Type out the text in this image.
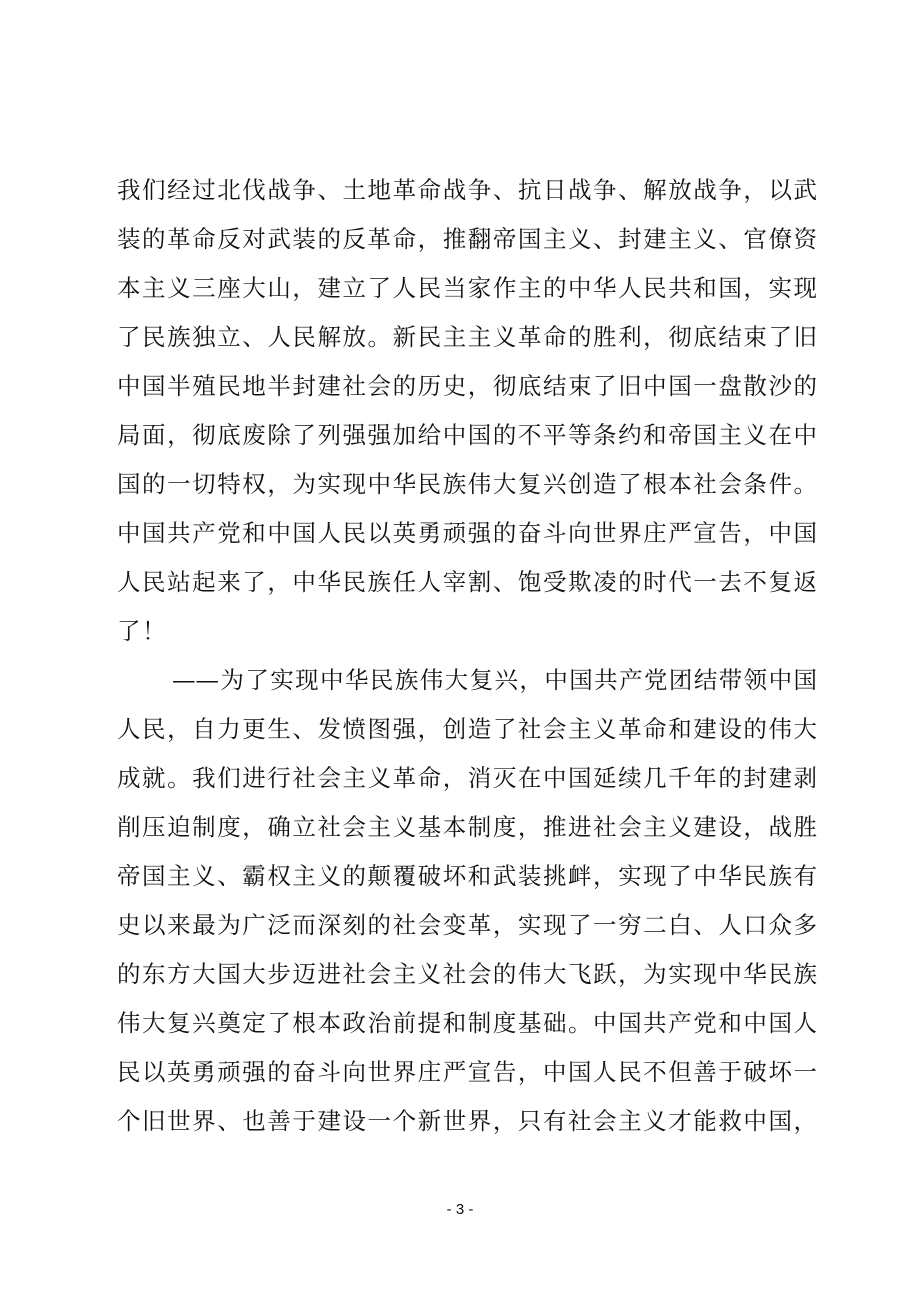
我们经过北伐战争、土地革命战争、抗日战争、解放战争，以武
装的革命反对武装的反革命，推翻帝国主义、封建主义、官僚资
本主义三座大山，建立了人民当家作主的中华人民共和国，实现
了民族独立、人民解放。新民主主义革命的胜利，彻底结束了旧
中国半殖民地半封建社会的历史，彻底结束了旧中国一盘散沙的
局面，彻底废除了列强强加给中国的不平等条约和帝国主义在中
国的一切特权，为实现中华民族伟大复兴创造了根本社会条件。
中国共产党和中国人民以英勇顽强的奋斗向世界庄严宣告，中国
人民站起来了，中华民族任人宰割、饱受欺凌的时代一去不复返
了！
——为了实现中华民族伟大复兴，中国共产党团结带领中国
人民，自力更生、发愤图强，创造了社会主义革命和建设的伟大
成就。我们进行社会主义革命，消灭在中国延续几千年的封建剥
削压迫制度，确立社会主义基本制度，推进社会主义建设，战胜
帝国主义、霸权主义的颠覆破坏和武装挑衅，实现了中华民族有
史以来最为广泛而深刻的社会变革，实现了一穷二白、人口众多
的东方大国大步迈进社会主义社会的伟大飞跃，为实现中华民族
伟大复兴奠定了根本政治前提和制度基础。中国共产党和中国人
民以英勇顽强的奋斗向世界庄严宣告，中国人民不但善于破坏一
个旧世界、也善于建设一个新世界，只有社会主义才能救中国，
- 3 -
